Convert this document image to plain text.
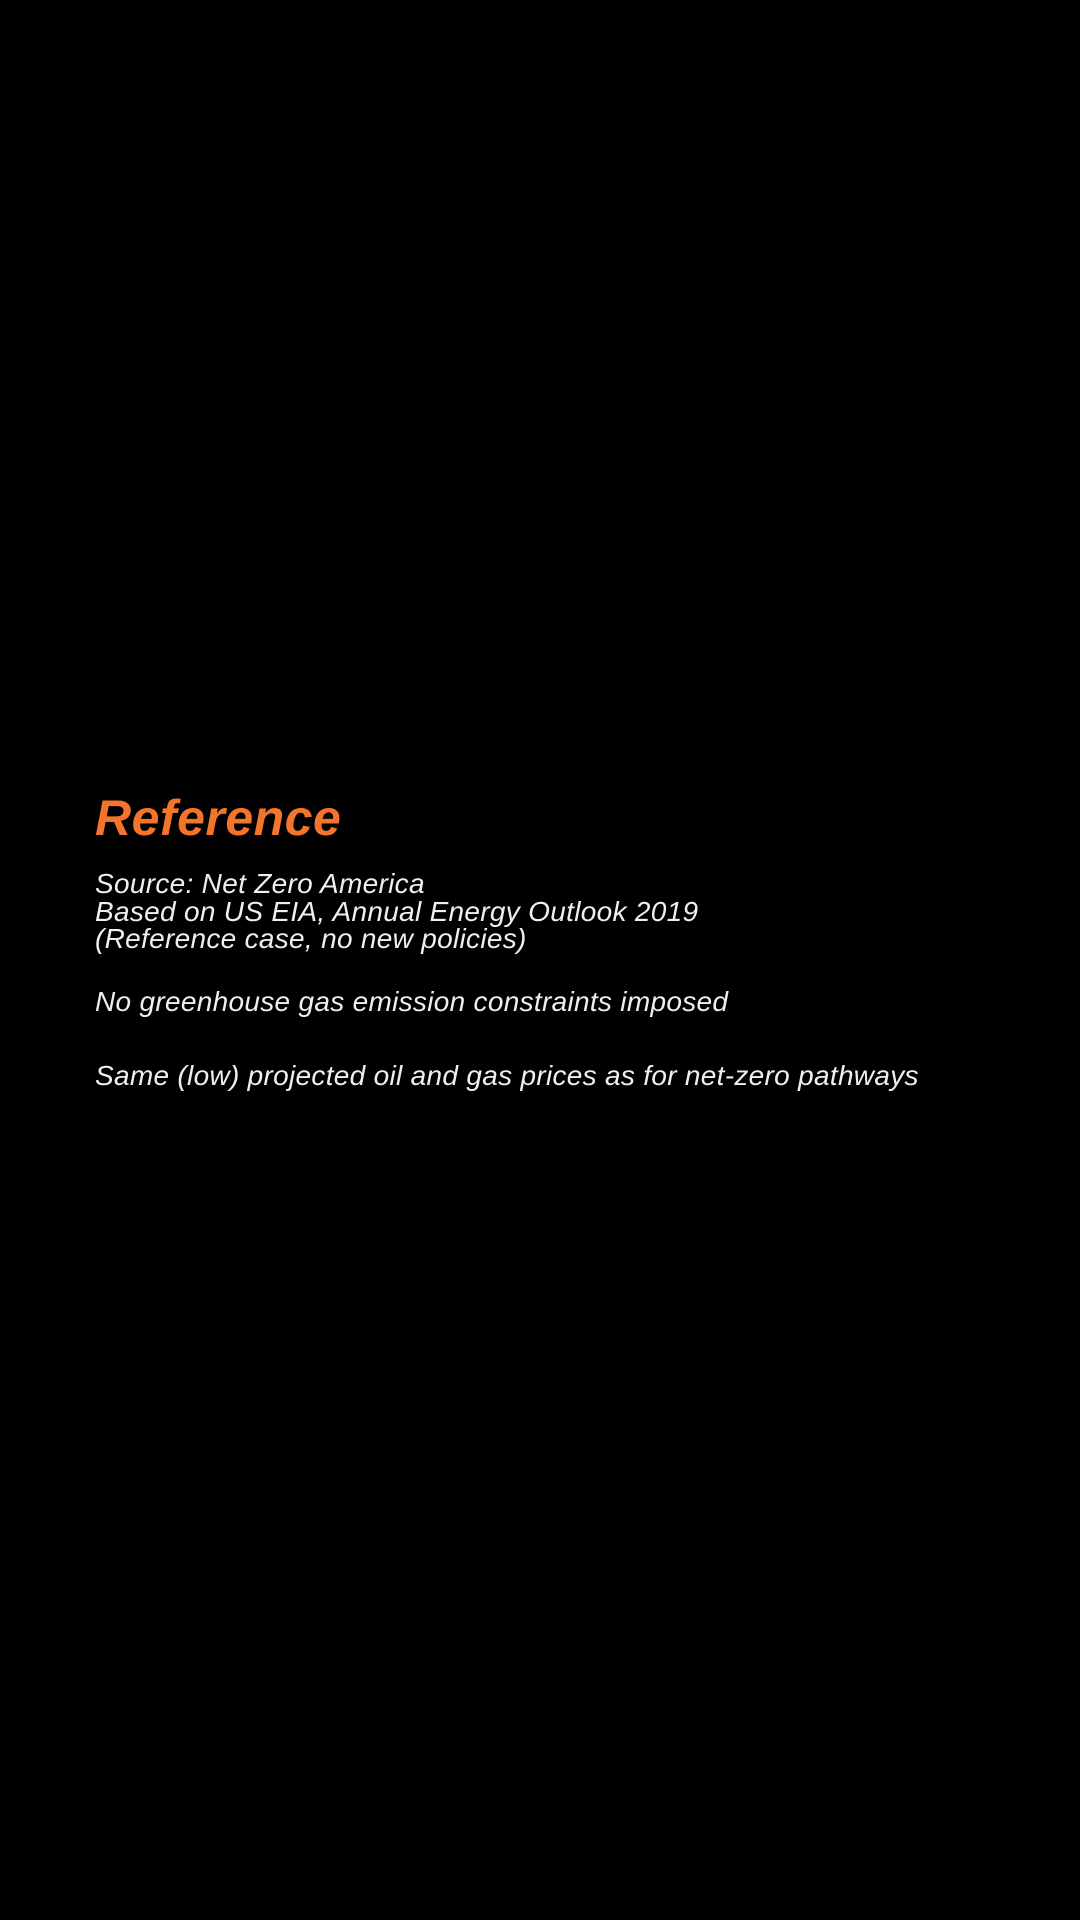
Reference
Source: Net Zero America
Based on US EIA, Annual Energy Outlook 2019
(Reference case, no new policies)
No greenhouse gas emission constraints imposed
Same (low) projected oil and gas prices as for net-zero pathways
